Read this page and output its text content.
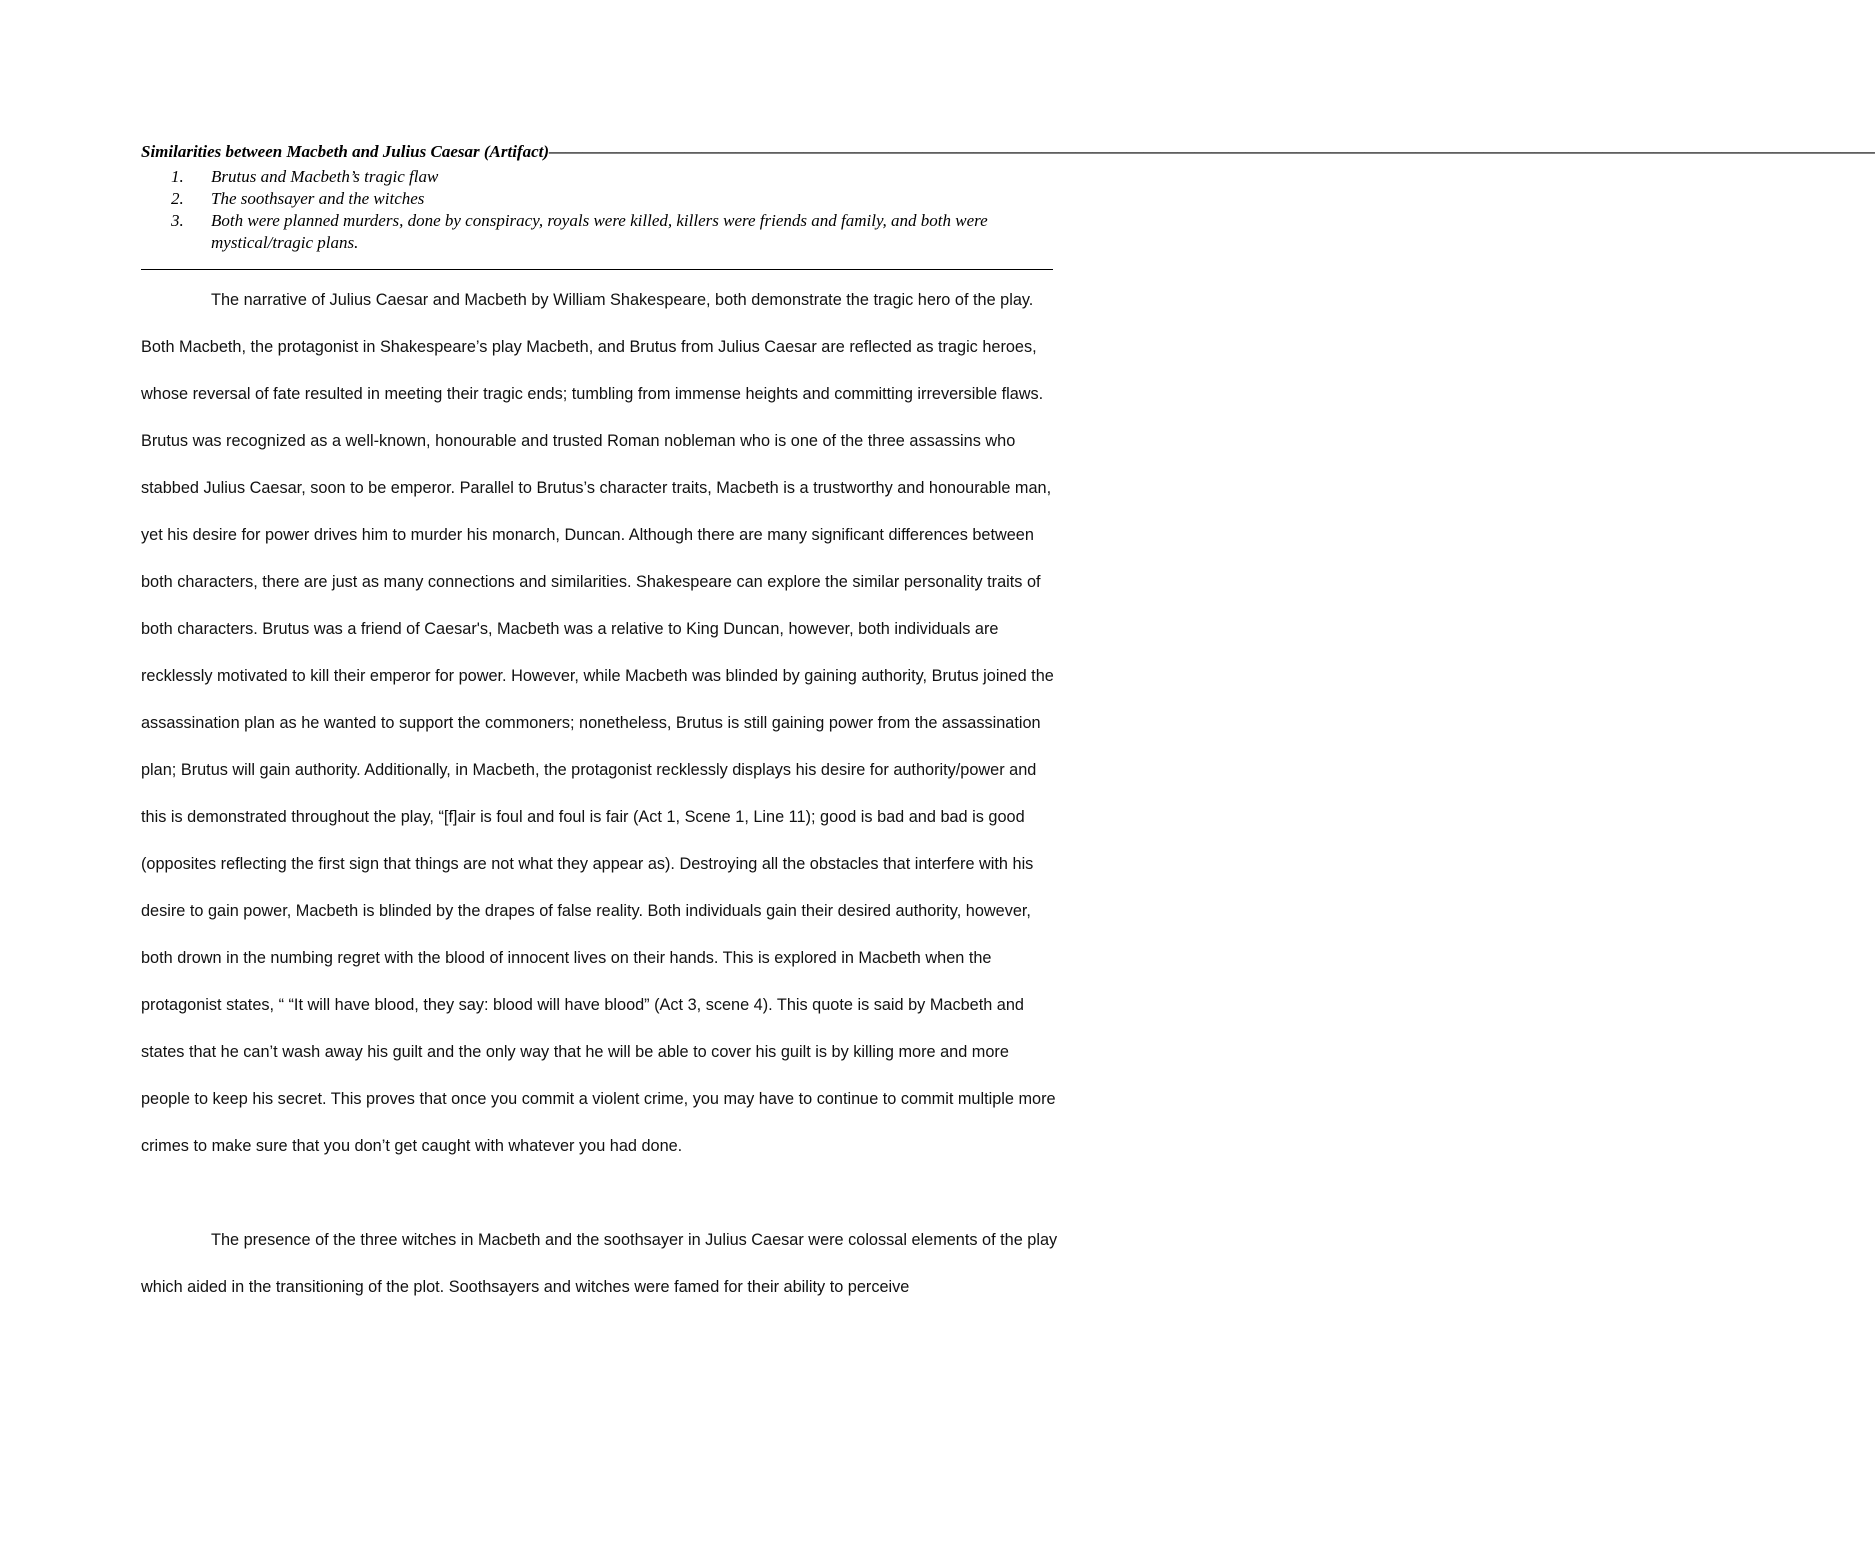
Similarities between Macbeth and Julius Caesar (Artifact)——————————————————————————————————————————————————————————————————————————————
1. Brutus and Macbeth’s tragic flaw
2. The soothsayer and the witches
3. Both were planned murders, done by conspiracy, royals were killed, killers were friends and family, and both were mystical/tragic plans.

The narrative of Julius Caesar and Macbeth by William Shakespeare, both demonstrate the tragic hero of the play. Both Macbeth, the protagonist in Shakespeare’s play Macbeth, and Brutus from Julius Caesar are reflected as tragic heroes, whose reversal of fate resulted in meeting their tragic ends; tumbling from immense heights and committing irreversible flaws. Brutus was recognized as a well-known, honourable and trusted Roman nobleman who is one of the three assassins who stabbed Julius Caesar, soon to be emperor. Parallel to Brutus’s character traits, Macbeth is a trustworthy and honourable man, yet his desire for power drives him to murder his monarch, Duncan. Although there are many significant differences between both characters, there are just as many connections and similarities. Shakespeare can explore the similar personality traits of both characters. Brutus was a friend of Caesar's, Macbeth was a relative to King Duncan, however, both individuals are recklessly motivated to kill their emperor for power. However, while Macbeth was blinded by gaining authority, Brutus joined the assassination plan as he wanted to support the commoners; nonetheless, Brutus is still gaining power from the assassination plan; Brutus will gain authority. Additionally, in Macbeth, the protagonist recklessly displays his desire for authority/power and this is demonstrated throughout the play, “[f]air is foul and foul is fair (Act 1, Scene 1, Line 11); good is bad and bad is good (opposites reflecting the first sign that things are not what they appear as). Destroying all the obstacles that interfere with his desire to gain power, Macbeth is blinded by the drapes of false reality. Both individuals gain their desired authority, however, both drown in the numbing regret with the blood of innocent lives on their hands. This is explored in Macbeth when the protagonist states, “ “It will have blood, they say: blood will have blood” (Act 3, scene 4). This quote is said by Macbeth and states that he can’t wash away his guilt and the only way that he will be able to cover his guilt is by killing more and more people to keep his secret. This proves that once you commit a violent crime, you may have to continue to commit multiple more crimes to make sure that you don’t get caught with whatever you had done.

The presence of the three witches in Macbeth and the soothsayer in Julius Caesar were colossal elements of the play which aided in the transitioning of the plot. Soothsayers and witches were famed for their ability to perceive
